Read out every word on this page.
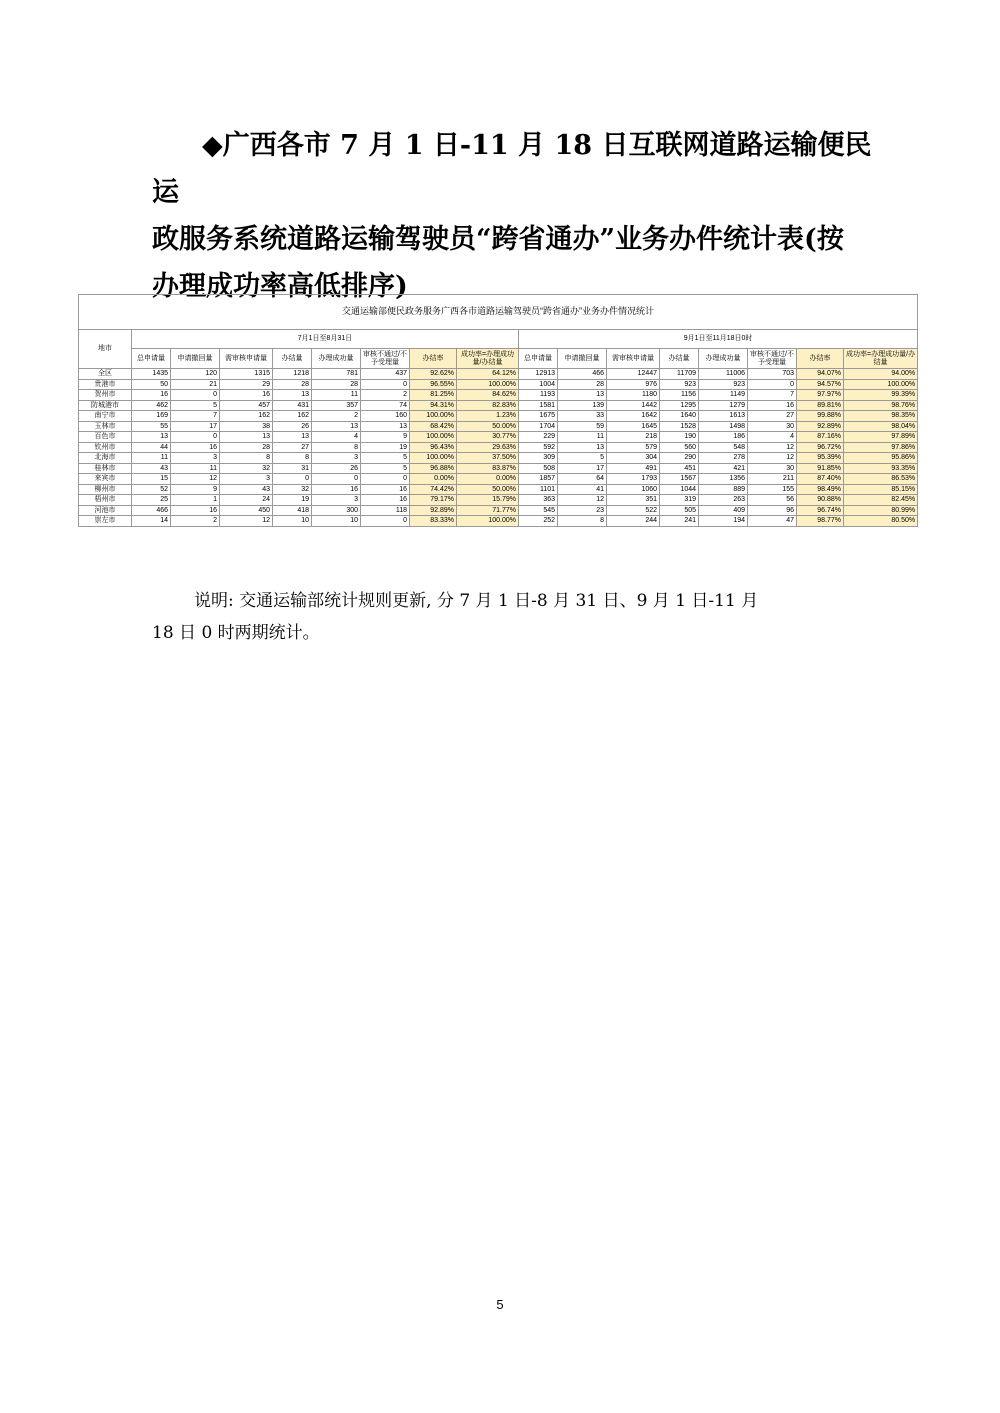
◆广西各市 7 月 1 日-11 月 18 日互联网道路运输便民运
政服务系统道路运输驾驶员“跨省通办”业务办件统计表(按
办理成功率高低排序)
交通运输部便民政务服务广西各市道路运输驾驶员“跨省通办”业务办件情况统计																
地市	7月1日至8月31日								9月1日至11月18日0时							
	总申请量	申请撤回量	需审核申请量	办结量	办理成功量	审核不通过/不予受理量	办结率	成功率=办理成功量/办结量	总申请量	申请撤回量	需审核申请量	办结量	办理成功量	审核不通过/不予受理量	办结率	成功率=办理成功量/办结量
全区	1435	120	1315	1218	781	437	92.62%	64.12%	12913	466	12447	11709	11006	703	94.07%	94.00%
贵港市	50	21	29	28	28	0	96.55%	100.00%	1004	28	976	923	923	0	94.57%	100.00%
贺州市	16	0	16	13	11	2	81.25%	84.62%	1193	13	1180	1156	1149	7	97.97%	99.39%
防城港市	462	5	457	431	357	74	94.31%	82.83%	1581	139	1442	1295	1279	16	89.81%	98.76%
南宁市	169	7	162	162	2	160	100.00%	1.23%	1675	33	1642	1640	1613	27	99.88%	98.35%
玉林市	55	17	38	26	13	13	68.42%	50.00%	1704	59	1645	1528	1498	30	92.89%	98.04%
百色市	13	0	13	13	4	9	100.00%	30.77%	229	11	218	190	186	4	87.16%	97.89%
钦州市	44	16	28	27	8	19	96.43%	29.63%	592	13	579	560	548	12	96.72%	97.86%
北海市	11	3	8	8	3	5	100.00%	37.50%	309	5	304	290	278	12	95.39%	95.86%
桂林市	43	11	32	31	26	5	96.88%	83.87%	508	17	491	451	421	30	91.85%	93.35%
来宾市	15	12	3	0	0	0	0.00%	0.00%	1857	64	1793	1567	1356	211	87.40%	86.53%
柳州市	52	9	43	32	16	16	74.42%	50.00%	1101	41	1060	1044	889	155	98.49%	85.15%
梧州市	25	1	24	19	3	16	79.17%	15.79%	363	12	351	319	263	56	90.88%	82.45%
河池市	466	16	450	418	300	118	92.89%	71.77%	545	23	522	505	409	96	96.74%	80.99%
崇左市	14	2	12	10	10	0	83.33%	100.00%	252	8	244	241	194	47	98.77%	80.50%
说明: 交通运输部统计规则更新, 分 7 月 1 日-8 月 31 日、9 月 1 日-11 月
18 日 0 时两期统计。
5
